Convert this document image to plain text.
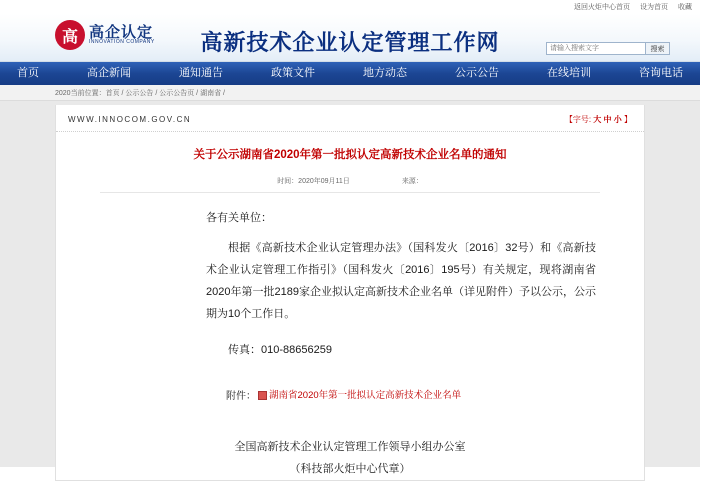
返回火炬中心首页 设为首页 收藏
高 高企认定
INNOVATION COMPANY	高新技术企业认定管理工作网
请输入搜索文字	搜索
首页	高企新闻	通知通告	政策文件	地方动态	公示公告	在线培训	咨询电话
2020当前位置：首页 / 公示公告 / 公示公告页 / 湖南省 /
WWW.INNOCOM.GOV.CN	【字号: 大 中 小 】
关于公示湖南省2020年第一批拟认定高新技术企业名单的通知
时间：2020年09月11日	来源：

各有关单位：

根据《高新技术企业认定管理办法》（国科发火〔2016〕32号）和《高新技术企业认定管理工作指引》（国科发火〔2016〕195号）有关规定，现将湖南省2020年第一批2189家企业拟认定高新技术企业名单（详见附件）予以公示，公示期为10个工作日。

传真：010-88656259

附件： 湖南省2020年第一批拟认定高新技术企业名单
全国高新技术企业认定管理工作领导小组办公室
（科技部火炬中心代章）
